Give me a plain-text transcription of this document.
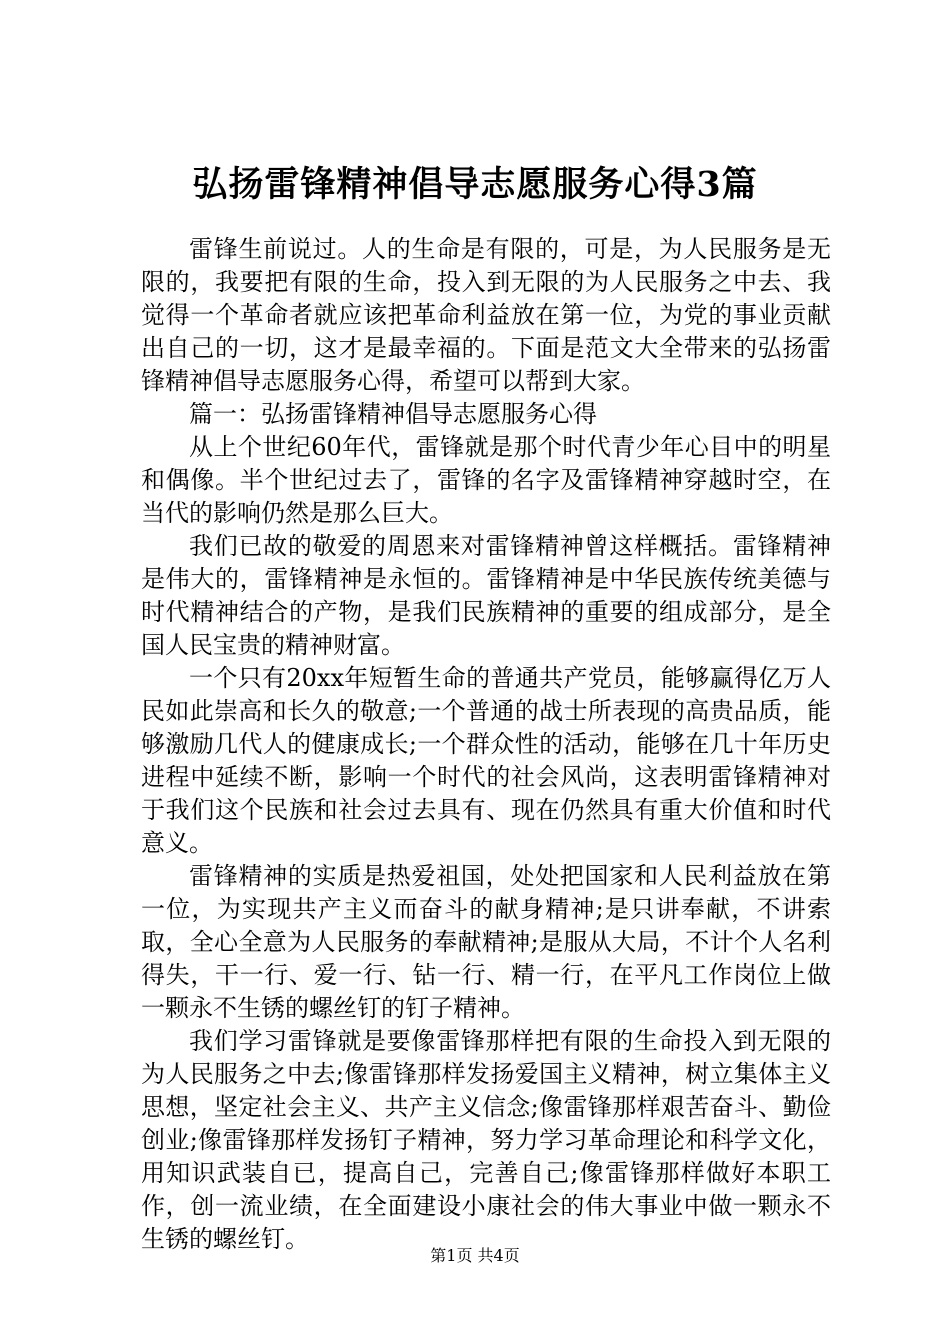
弘扬雷锋精神倡导志愿服务心得3篇

雷锋生前说过。人的生命是有限的，可是，为人民服务是无限的，我要把有限的生命，投入到无限的为人民服务之中去、我觉得一个革命者就应该把革命利益放在第一位，为党的事业贡献出自己的一切，这才是最幸福的。下面是范文大全带来的弘扬雷锋精神倡导志愿服务心得，希望可以帮到大家。

篇一：弘扬雷锋精神倡导志愿服务心得

从上个世纪60年代，雷锋就是那个时代青少年心目中的明星和偶像。半个世纪过去了，雷锋的名字及雷锋精神穿越时空，在当代的影响仍然是那么巨大。

我们已故的敬爱的周恩来对雷锋精神曾这样概括。雷锋精神是伟大的，雷锋精神是永恒的。雷锋精神是中华民族传统美德与时代精神结合的产物，是我们民族精神的重要的组成部分，是全国人民宝贵的精神财富。

一个只有20xx年短暂生命的普通共产党员，能够赢得亿万人民如此崇高和长久的敬意;一个普通的战士所表现的高贵品质，能够激励几代人的健康成长;一个群众性的活动，能够在几十年历史进程中延续不断，影响一个时代的社会风尚，这表明雷锋精神对于我们这个民族和社会过去具有、现在仍然具有重大价值和时代意义。

雷锋精神的实质是热爱祖国，处处把国家和人民利益放在第一位，为实现共产主义而奋斗的献身精神;是只讲奉献，不讲索取，全心全意为人民服务的奉献精神;是服从大局，不计个人名利得失，干一行、爱一行、钻一行、精一行，在平凡工作岗位上做一颗永不生锈的螺丝钉的钉子精神。

我们学习雷锋就是要像雷锋那样把有限的生命投入到无限的为人民服务之中去;像雷锋那样发扬爱国主义精神，树立集体主义思想，坚定社会主义、共产主义信念;像雷锋那样艰苦奋斗、勤俭创业;像雷锋那样发扬钉子精神，努力学习革命理论和科学文化，用知识武装自已，提高自己，完善自己;像雷锋那样做好本职工作，创一流业绩，在全面建设小康社会的伟大事业中做一颗永不生锈的螺丝钉。

第1页 共4页
